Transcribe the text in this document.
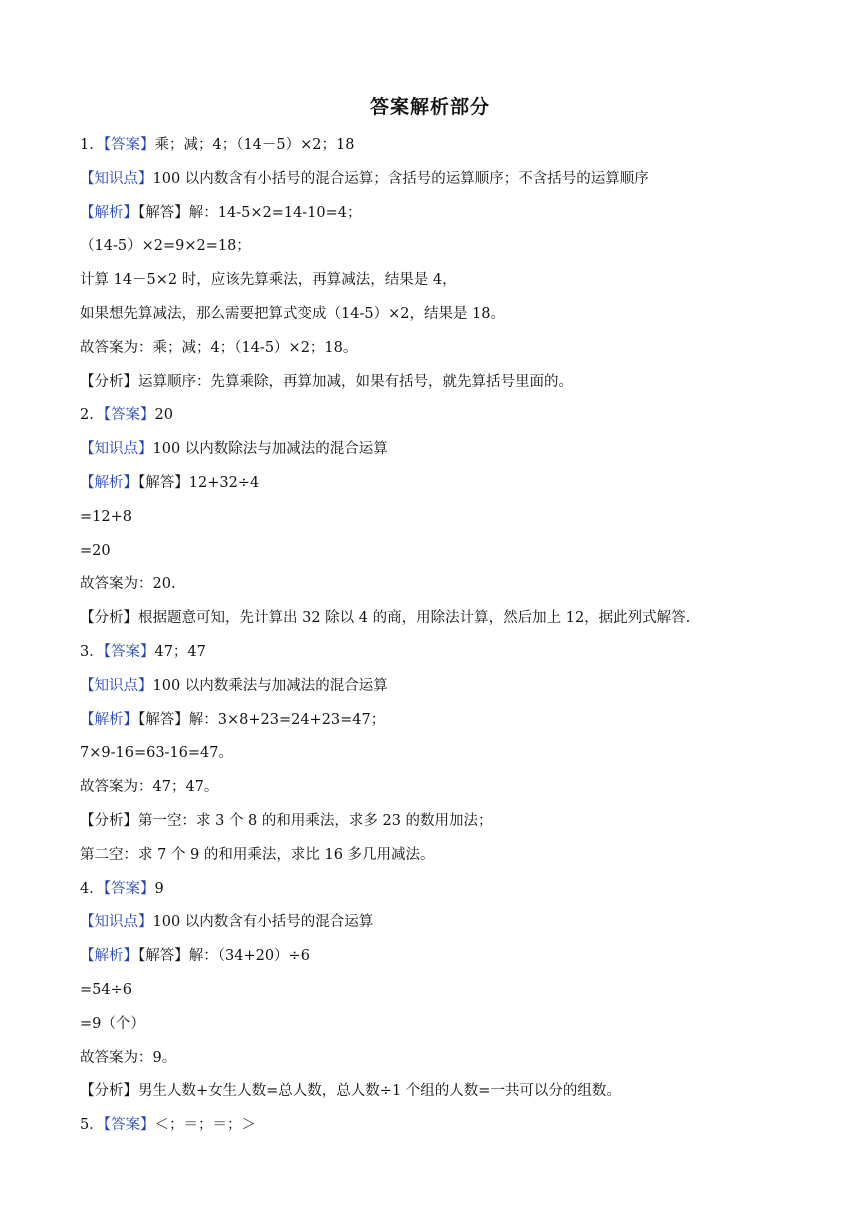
答案解析部分
1．【答案】乘；减；4；（14－5）×2；18
【知识点】100 以内数含有小括号的混合运算；含括号的运算顺序；不含括号的运算顺序
【解析】【解答】解：14-5×2=14-10=4；
（14-5）×2=9×2=18；
计算 14－5×2 时，应该先算乘法，再算减法，结果是 4，
如果想先算减法，那么需要把算式变成（14-5）×2，结果是 18。
故答案为：乘；减；4；（14-5）×2；18。
【分析】运算顺序：先算乘除，再算加减，如果有括号，就先算括号里面的。
2．【答案】20
【知识点】100 以内数除法与加减法的混合运算
【解析】【解答】12+32÷4
=12+8
=20
故答案为：20.
【分析】根据题意可知，先计算出 32 除以 4 的商，用除法计算，然后加上 12，据此列式解答.
3．【答案】47；47
【知识点】100 以内数乘法与加减法的混合运算
【解析】【解答】解：3×8+23=24+23=47；
7×9-16=63-16=47。
故答案为：47；47。
【分析】第一空：求 3 个 8 的和用乘法，求多 23 的数用加法；
第二空：求 7 个 9 的和用乘法，求比 16 多几用减法。
4．【答案】9
【知识点】100 以内数含有小括号的混合运算
【解析】【解答】解：（34+20）÷6
=54÷6
=9（个）
故答案为：9。
【分析】男生人数+女生人数=总人数，总人数÷1 个组的人数=一共可以分的组数。
5．【答案】＜；＝；＝；＞
